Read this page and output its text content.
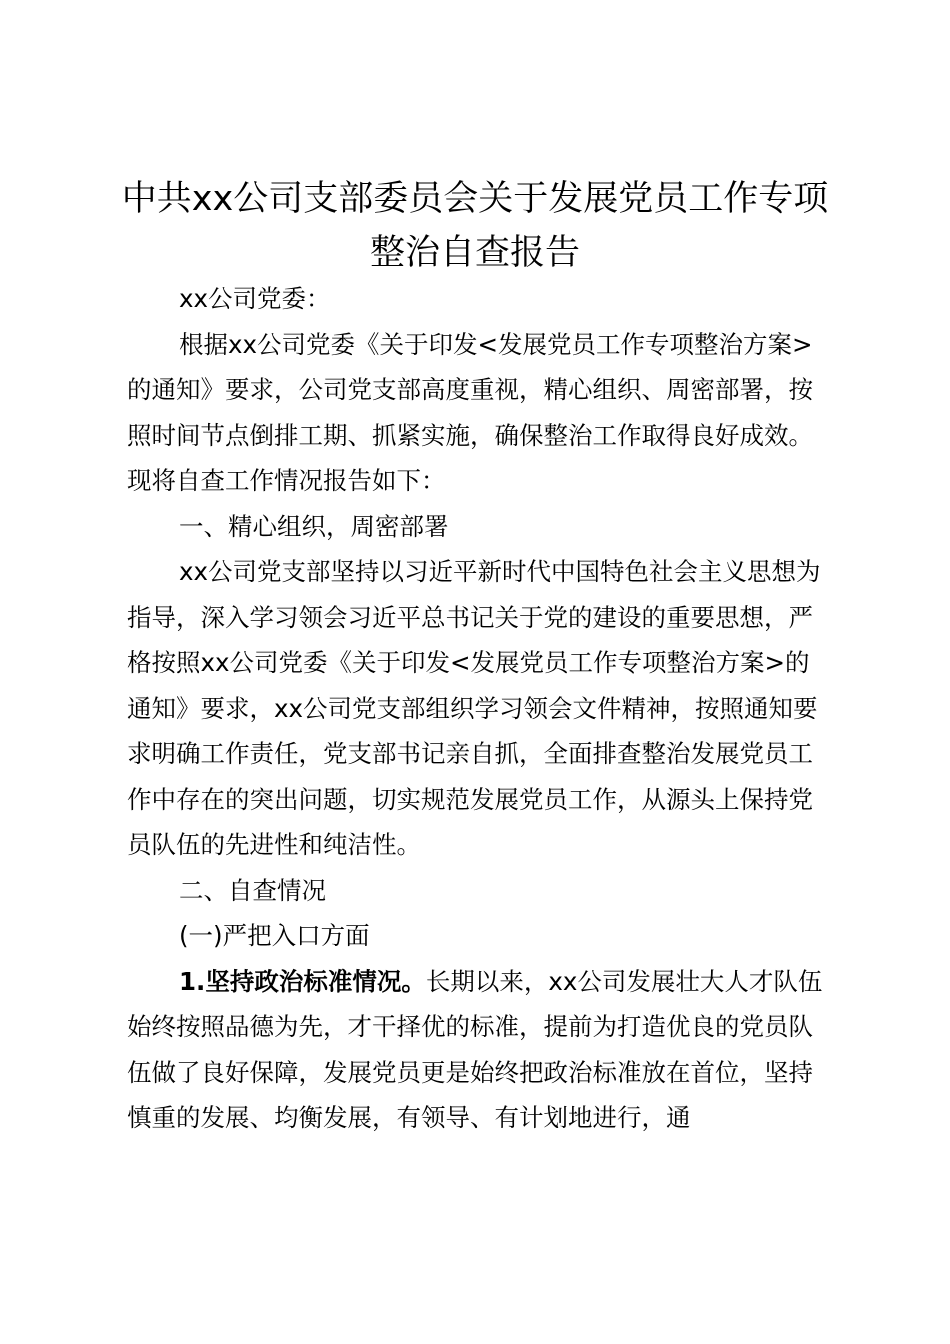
中共xx公司支部委员会关于发展党员工作专项整治自查报告

xx公司党委：

根据xx公司党委《关于印发<发展党员工作专项整治方案>的通知》要求，公司党支部高度重视，精心组织、周密部署，按照时间节点倒排工期、抓紧实施，确保整治工作取得良好成效。现将自查工作情况报告如下：

一、精心组织，周密部署

xx公司党支部坚持以习近平新时代中国特色社会主义思想为指导，深入学习领会习近平总书记关于党的建设的重要思想，严格按照xx公司党委《关于印发<发展党员工作专项整治方案>的通知》要求，xx公司党支部组织学习领会文件精神，按照通知要求明确工作责任，党支部书记亲自抓，全面排查整治发展党员工作中存在的突出问题，切实规范发展党员工作，从源头上保持党员队伍的先进性和纯洁性。

二、自查情况

(一)严把入口方面

1.坚持政治标准情况。长期以来，xx公司发展壮大人才队伍始终按照品德为先，才干择优的标准，提前为打造优良的党员队伍做了良好保障，发展党员更是始终把政治标准放在首位，坚持慎重的发展、均衡发展，有领导、有计划地进行，通
